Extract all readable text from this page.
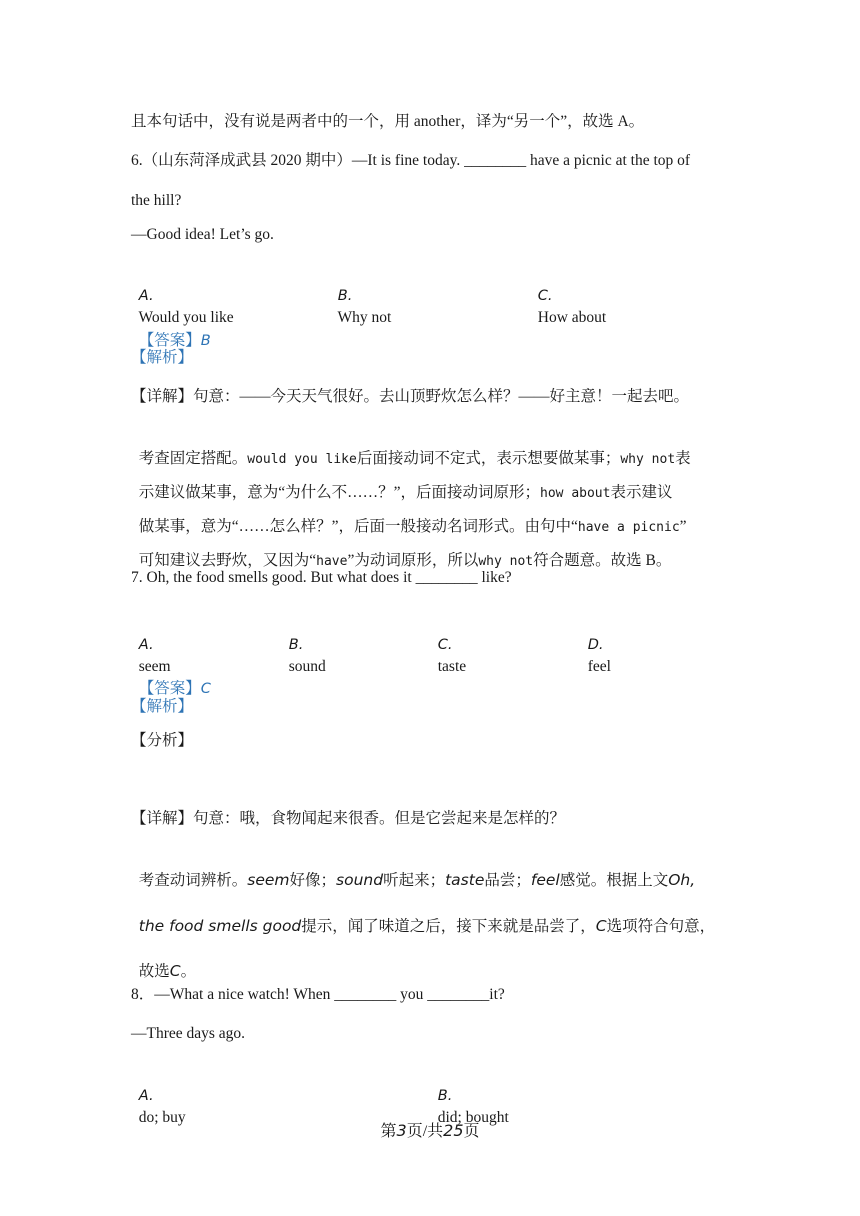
且本句话中，没有说是两者中的一个，用 another，译为“另一个”，故选 A。
6.（山东菏泽成武县 2020 期中）—It is fine today. ________ have a picnic at the top of
the hill?
—Good idea! Let’s go.

A.
Would you like

B.
Why not

C.
How about

【答案】B

【解析】
【详解】句意：——今天天气很好。去山顶野炊怎么样？——好主意！一起去吧。

考查固定搭配。would you like后面接动词不定式，表示想要做某事；why not表

示建议做某事，意为“为什么不……？”，后面接动词原形；how about表示建议

做某事，意为“……怎么样？”，后面一般接动名词形式。由句中“have a picnic”

可知建议去野炊，又因为“have”为动词原形，所以why not符合题意。故选 B。

7. Oh, the food smells good. But what does it ________ like?

A.
seem

B.
sound

C.
taste

D.
feel

【答案】C

【解析】
【分析】
【详解】句意：哦，食物闻起来很香。但是它尝起来是怎样的？

考查动词辨析。seem好像；sound听起来；taste品尝；feel感觉。根据上文Oh,

the food smells good提示，闻了味道之后，接下来就是品尝了，C选项符合句意，

故选C。

8．—What a nice watch! When ________ you ________it?
—Three days ago.

A.
do; buy

B.
did; bought

第3页/共25页
